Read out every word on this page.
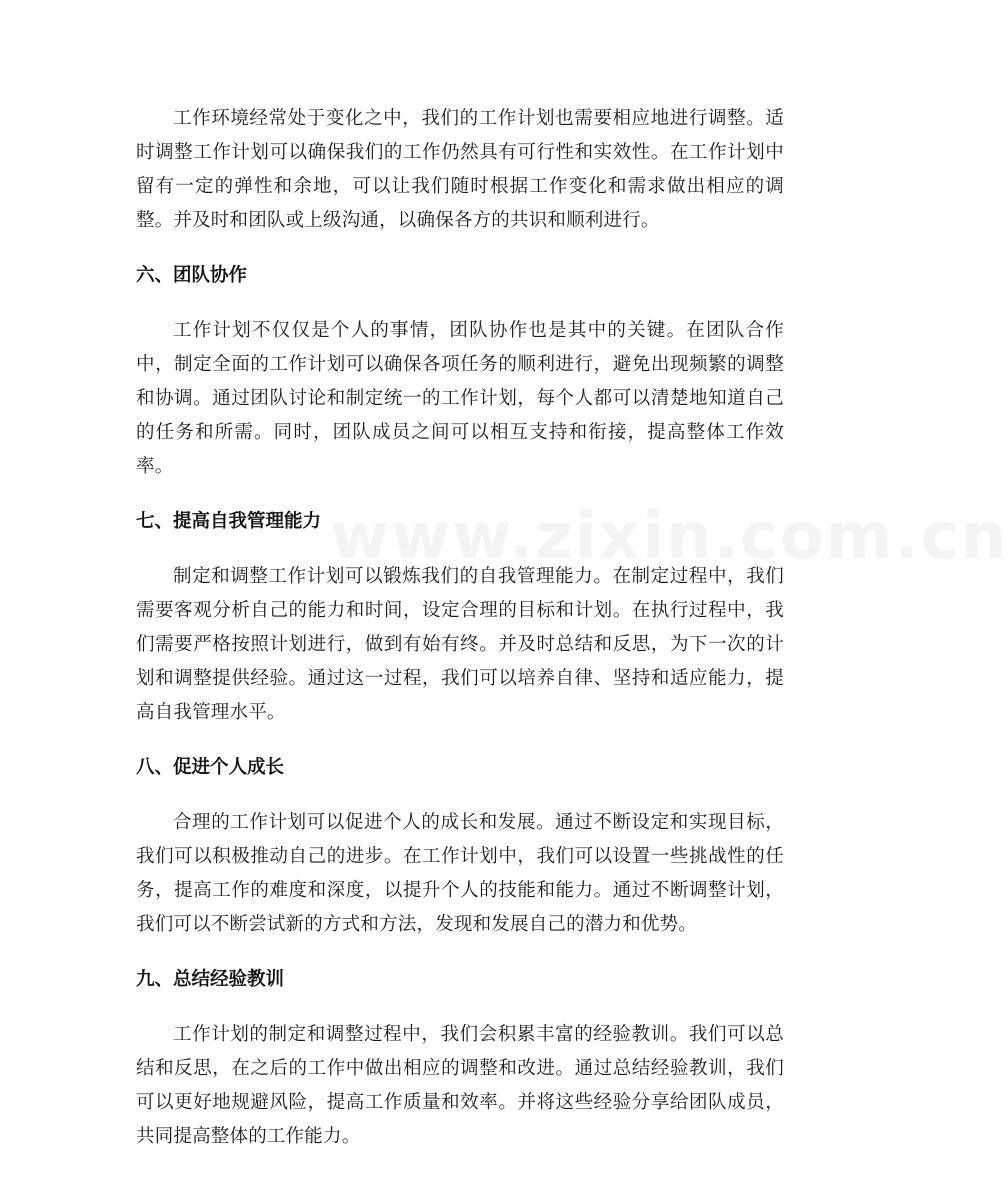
工作环境经常处于变化之中，我们的工作计划也需要相应地进行调整。适时调整工作计划可以确保我们的工作仍然具有可行性和实效性。在工作计划中留有一定的弹性和余地，可以让我们随时根据工作变化和需求做出相应的调整。并及时和团队或上级沟通，以确保各方的共识和顺利进行。

六、团队协作

工作计划不仅仅是个人的事情，团队协作也是其中的关键。在团队合作中，制定全面的工作计划可以确保各项任务的顺利进行，避免出现频繁的调整和协调。通过团队讨论和制定统一的工作计划，每个人都可以清楚地知道自己的任务和所需。同时，团队成员之间可以相互支持和衔接，提高整体工作效率。

七、提高自我管理能力

制定和调整工作计划可以锻炼我们的自我管理能力。在制定过程中，我们需要客观分析自己的能力和时间，设定合理的目标和计划。在执行过程中，我们需要严格按照计划进行，做到有始有终。并及时总结和反思，为下一次的计划和调整提供经验。通过这一过程，我们可以培养自律、坚持和适应能力，提高自我管理水平。

八、促进个人成长

合理的工作计划可以促进个人的成长和发展。通过不断设定和实现目标，我们可以积极推动自己的进步。在工作计划中，我们可以设置一些挑战性的任务，提高工作的难度和深度，以提升个人的技能和能力。通过不断调整计划，我们可以不断尝试新的方式和方法，发现和发展自己的潜力和优势。

九、总结经验教训

工作计划的制定和调整过程中，我们会积累丰富的经验教训。我们可以总结和反思，在之后的工作中做出相应的调整和改进。通过总结经验教训，我们可以更好地规避风险，提高工作质量和效率。并将这些经验分享给团队成员，共同提高整体的工作能力。

www.zixin.com.cn
